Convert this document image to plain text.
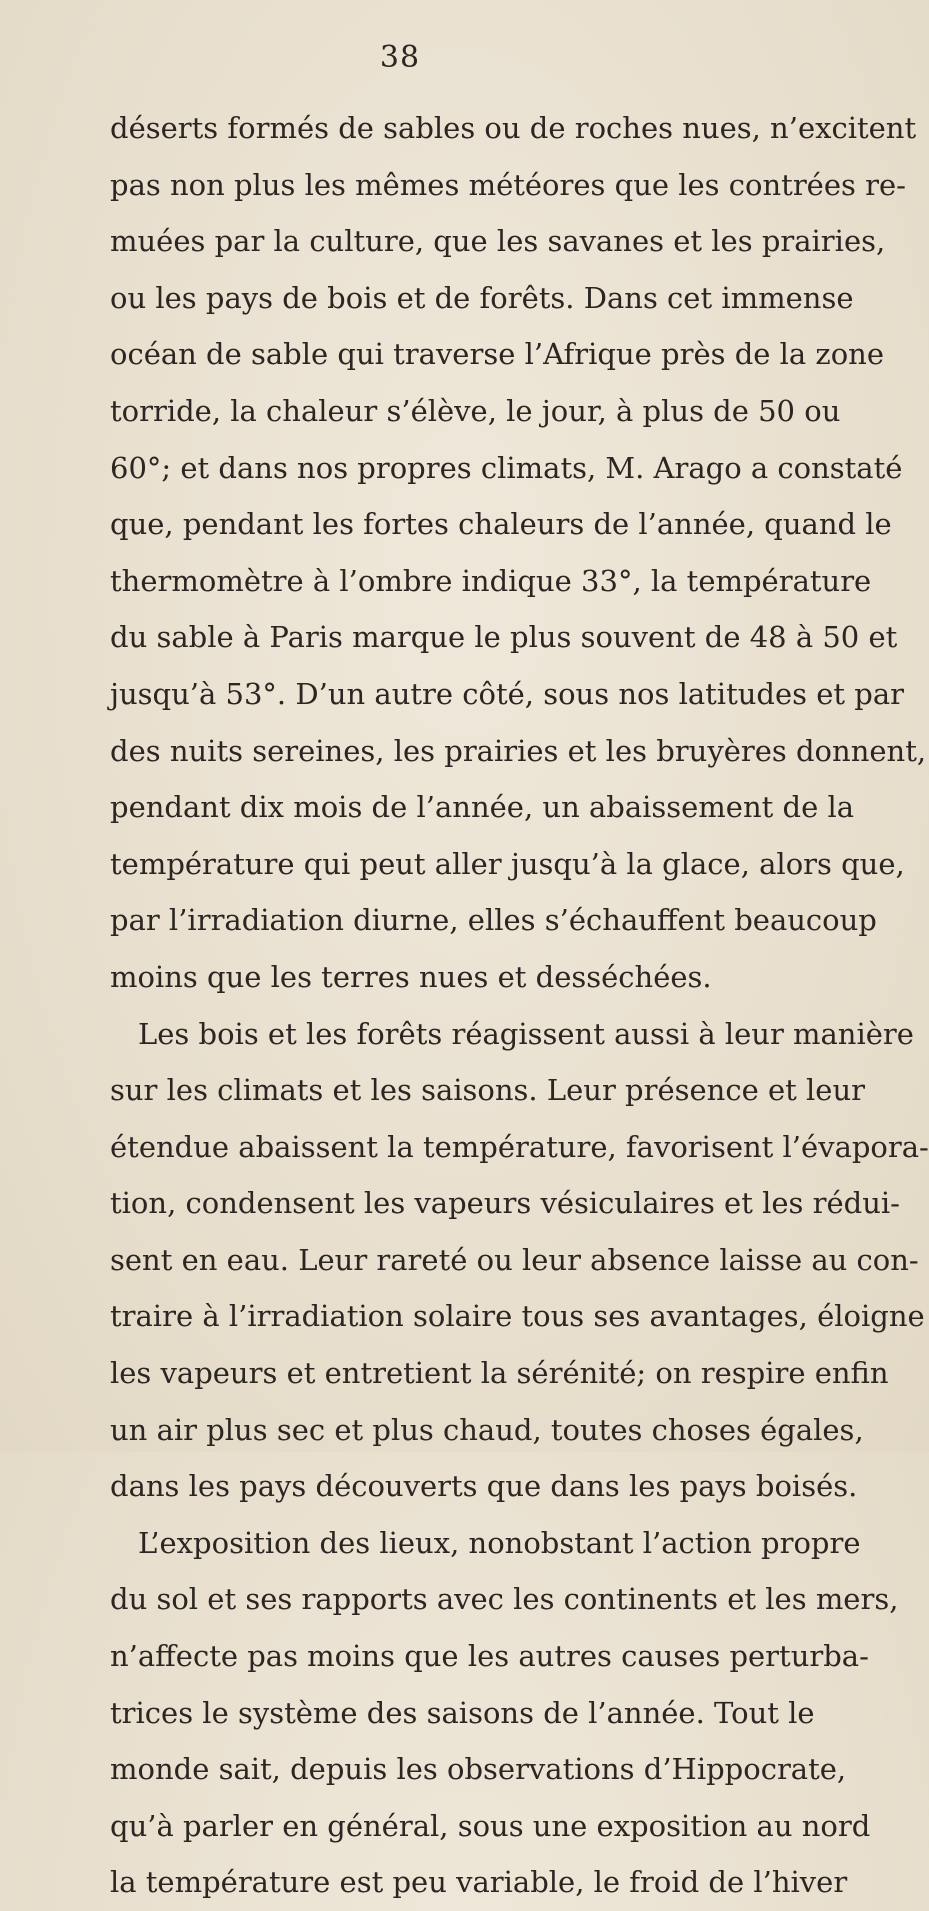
38
déserts formés de sables ou de roches nues, n’excitent
pas non plus les mêmes météores que les contrées re-
muées par la culture, que les savanes et les prairies,
ou les pays de bois et de forêts. Dans cet immense
océan de sable qui traverse l’Afrique près de la zone
torride, la chaleur s’élève, le jour, à plus de 50 ou
60°; et dans nos propres climats, M. Arago a constaté
que, pendant les fortes chaleurs de l’année, quand le
thermomètre à l’ombre indique 33°, la température
du sable à Paris marque le plus souvent de 48 à 50 et
jusqu’à 53°. D’un autre côté, sous nos latitudes et par
des nuits sereines, les prairies et les bruyères donnent,
pendant dix mois de l’année, un abaissement de la
température qui peut aller jusqu’à la glace, alors que,
par l’irradiation diurne, elles s’échauffent beaucoup
moins que les terres nues et desséchées.
Les bois et les forêts réagissent aussi à leur manière
sur les climats et les saisons. Leur présence et leur
étendue abaissent la température, favorisent l’évapora-
tion, condensent les vapeurs vésiculaires et les rédui-
sent en eau. Leur rareté ou leur absence laisse au con-
traire à l’irradiation solaire tous ses avantages, éloigne
les vapeurs et entretient la sérénité; on respire enfin
un air plus sec et plus chaud, toutes choses égales,
dans les pays découverts que dans les pays boisés.
L’exposition des lieux, nonobstant l’action propre
du sol et ses rapports avec les continents et les mers,
n’affecte pas moins que les autres causes perturba-
trices le système des saisons de l’année. Tout le
monde sait, depuis les observations d’Hippocrate,
qu’à parler en général, sous une exposition au nord
la température est peu variable, le froid de l’hiver
